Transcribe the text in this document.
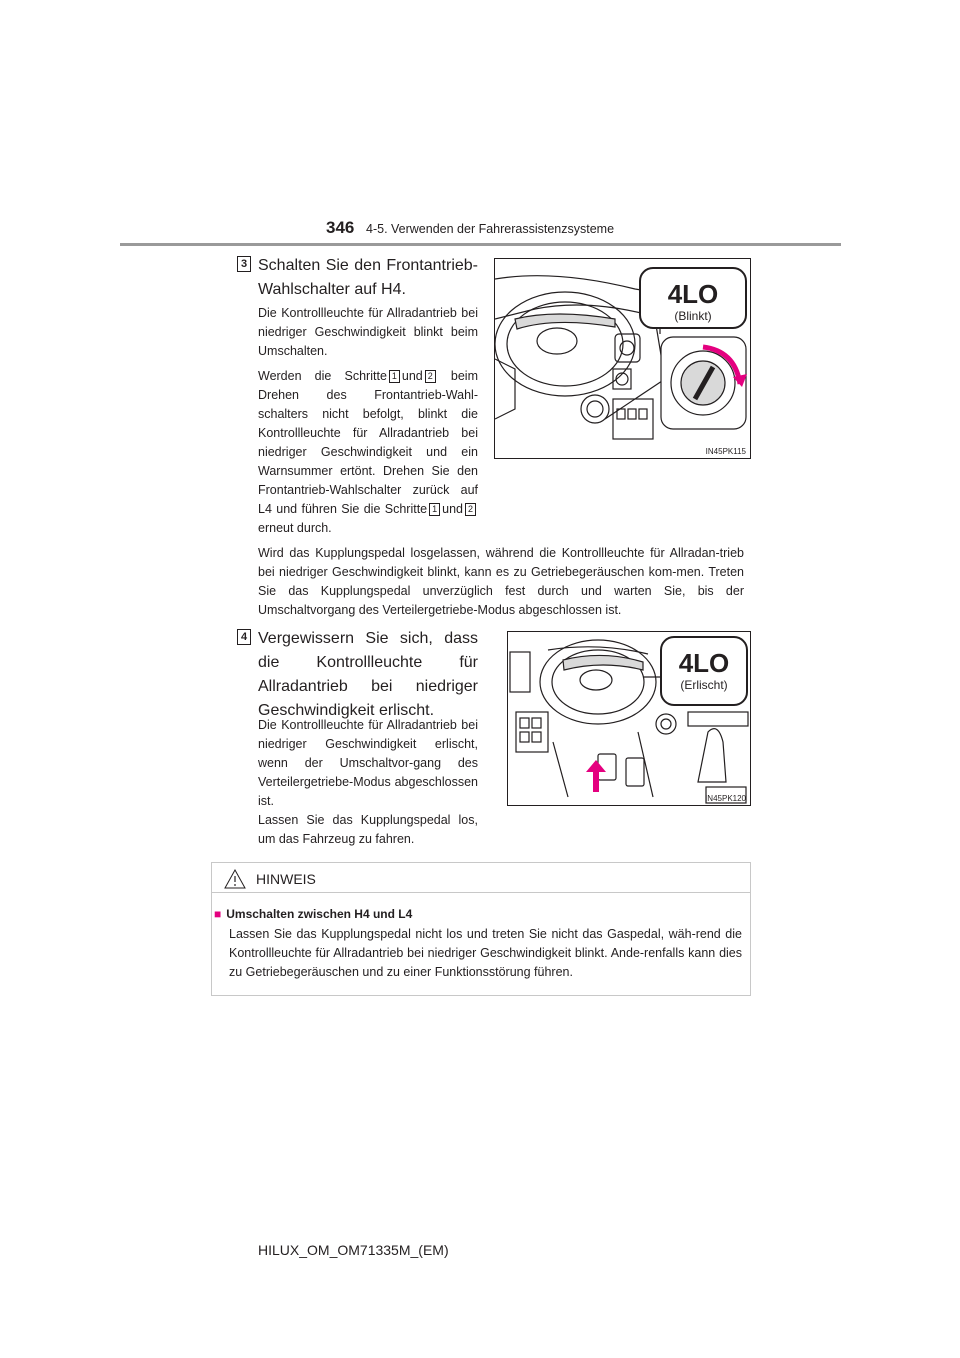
346 4-5. Verwenden der Fahrerassistenzsysteme
3 Schalten Sie den Frontantrieb-Wahlschalter auf H4.

Die Kontrollleuchte für Allradantrieb bei niedriger Geschwindigkeit blinkt beim Umschalten.

Werden die Schritte 1 und 2 beim Drehen des Frontantrieb-Wahl-schalters nicht befolgt, blinkt die Kontrollleuchte für Allradantrieb bei niedriger Geschwindigkeit und ein Warnsummer ertönt. Drehen Sie den Frontantrieb-Wahlschalter zurück auf L4 und führen Sie die Schritte 1 und 2erneut durch.

4LO
(Blinkt)
IN45PK115
Wird das Kupplungspedal losgelassen, während die Kontrollleuchte für Allradan-trieb bei niedriger Geschwindigkeit blinkt, kann es zu Getriebegeräuschen kom-men. Treten Sie das Kupplungspedal unverzüglich fest durch und warten Sie, bis der Umschaltvorgang des Verteilergetriebe-Modus abgeschlossen ist.
4 Vergewissern Sie sich, dass die Kontrollleuchte für Allradantrieb bei niedriger Geschwindigkeit erlischt.

Die Kontrollleuchte für Allradantrieb bei niedriger Geschwindigkeit erlischt, wenn der Umschaltvor-gang des Verteilergetriebe-Modus abgeschlossen ist.

Lassen Sie das Kupplungspedal los, um das Fahrzeug zu fahren.

4LO
(Erlischt)
IN45PK120
HINWEIS
■ Umschalten zwischen H4 und L4
Lassen Sie das Kupplungspedal nicht los und treten Sie nicht das Gaspedal, wäh-rend die Kontrollleuchte für Allradantrieb bei niedriger Geschwindigkeit blinkt. Ande-renfalls kann dies zu Getriebegeräuschen und zu einer Funktionsstörung führen.
HILUX_OM_OM71335M_(EM)
